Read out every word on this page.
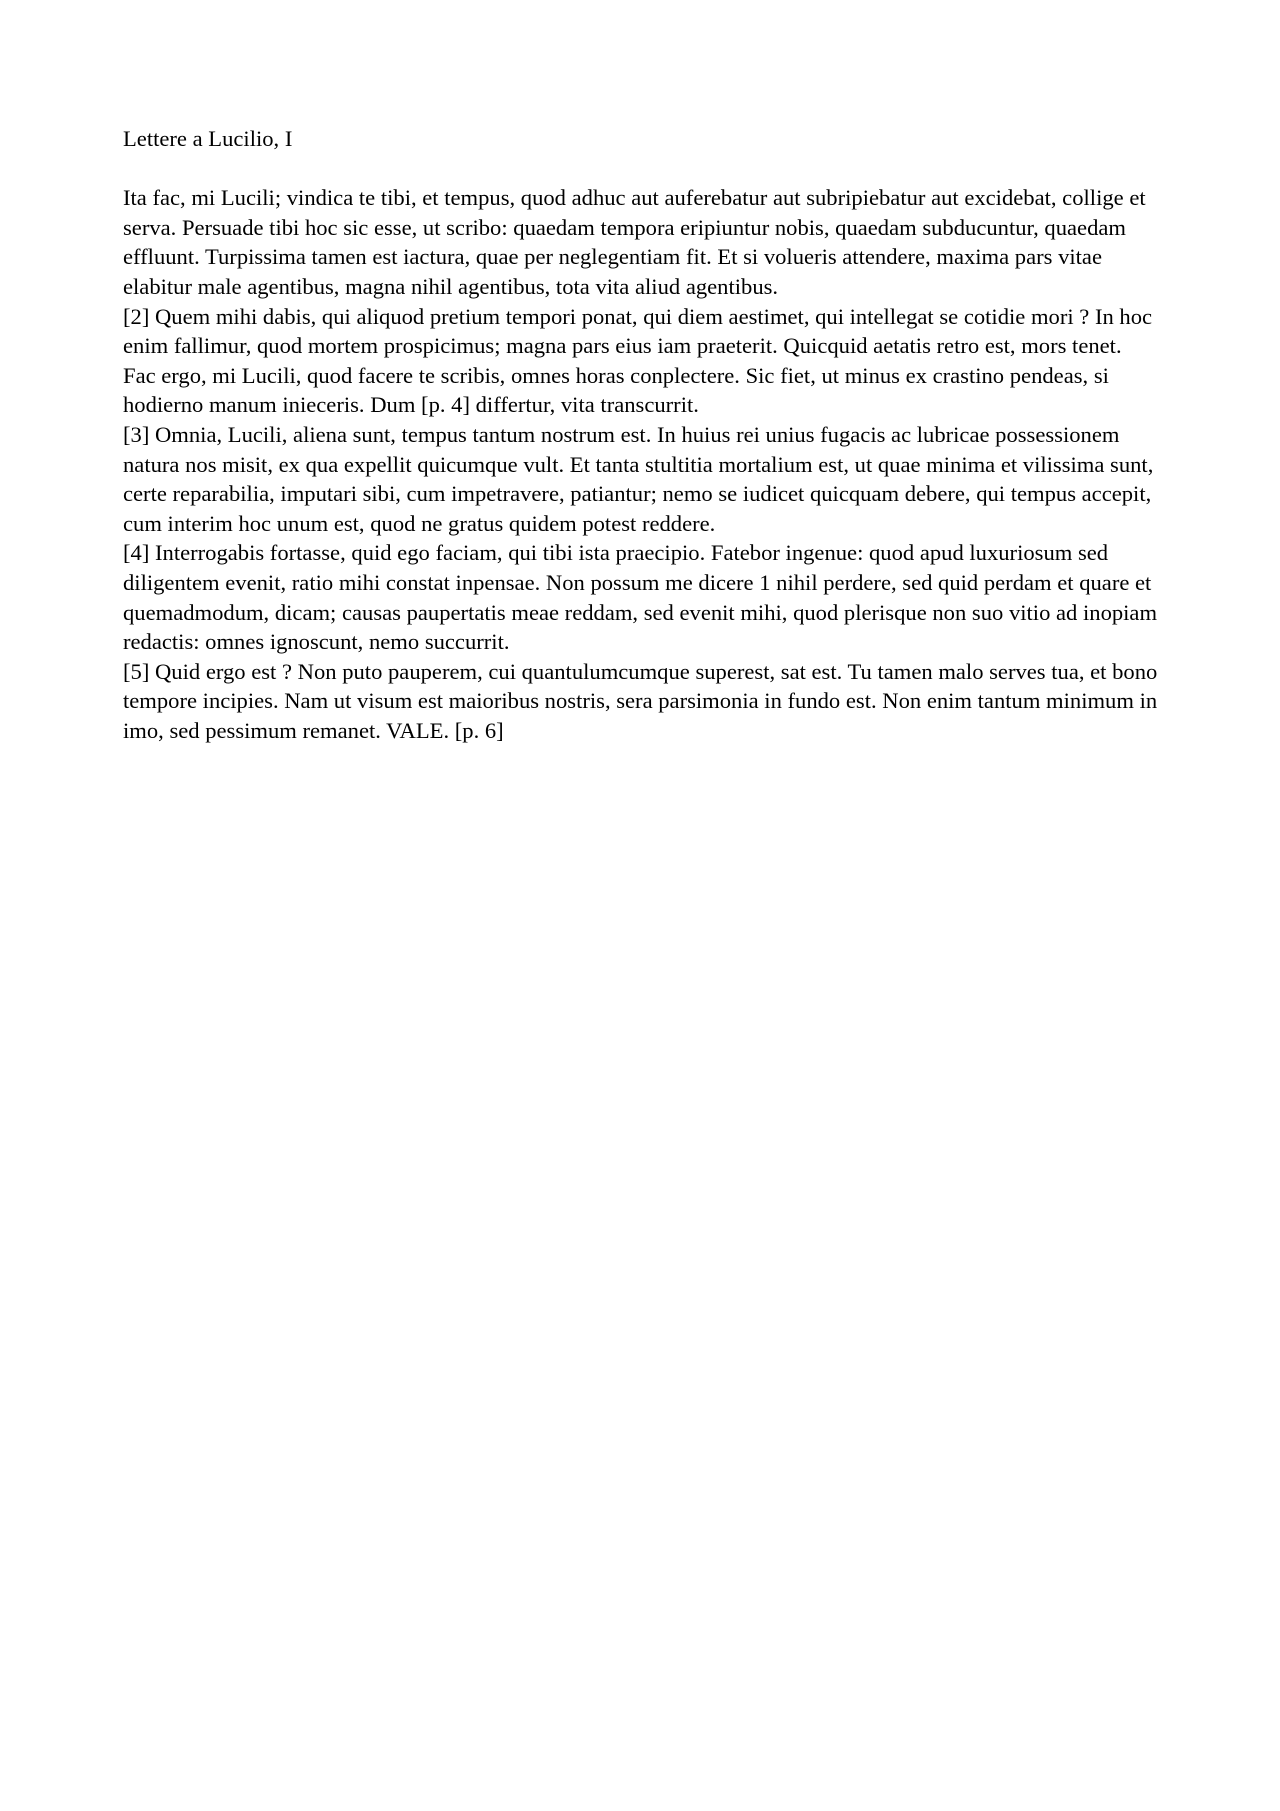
Lettere a Lucilio, I

Ita fac, mi Lucili; vindica te tibi, et tempus, quod adhuc aut auferebatur aut subripiebatur aut excidebat, collige et serva. Persuade tibi hoc sic esse, ut scribo: quaedam tempora eripiuntur nobis, quaedam subducuntur, quaedam effluunt. Turpissima tamen est iactura, quae per neglegentiam fit. Et si volueris attendere, maxima pars vitae elabitur male agentibus, magna nihil agentibus, tota vita aliud agentibus.

[2] Quem mihi dabis, qui aliquod pretium tempori ponat, qui diem aestimet, qui intellegat se cotidie mori ? In hoc enim fallimur, quod mortem prospicimus; magna pars eius iam praeterit. Quicquid aetatis retro est, mors tenet.

Fac ergo, mi Lucili, quod facere te scribis, omnes horas conplectere. Sic fiet, ut minus ex crastino pendeas, si hodierno manum inieceris. Dum [p. 4] differtur, vita transcurrit.

[3] Omnia, Lucili, aliena sunt, tempus tantum nostrum est. In huius rei unius fugacis ac lubricae possessionem natura nos misit, ex qua expellit quicumque vult. Et tanta stultitia mortalium est, ut quae minima et vilissima sunt, certe reparabilia, imputari sibi, cum impetravere, patiantur; nemo se iudicet quicquam debere, qui tempus accepit, cum interim hoc unum est, quod ne gratus quidem potest reddere.

[4] Interrogabis fortasse, quid ego faciam, qui tibi ista praecipio. Fatebor ingenue: quod apud luxuriosum sed diligentem evenit, ratio mihi constat inpensae. Non possum me dicere 1 nihil perdere, sed quid perdam et quare et quemadmodum, dicam; causas paupertatis meae reddam, sed evenit mihi, quod plerisque non suo vitio ad inopiam redactis: omnes ignoscunt, nemo succurrit.

[5] Quid ergo est ? Non puto pauperem, cui quantulumcumque superest, sat est. Tu tamen malo serves tua, et bono tempore incipies. Nam ut visum est maioribus nostris, sera parsimonia in fundo est. Non enim tantum minimum in imo, sed pessimum remanet. VALE. [p. 6]
